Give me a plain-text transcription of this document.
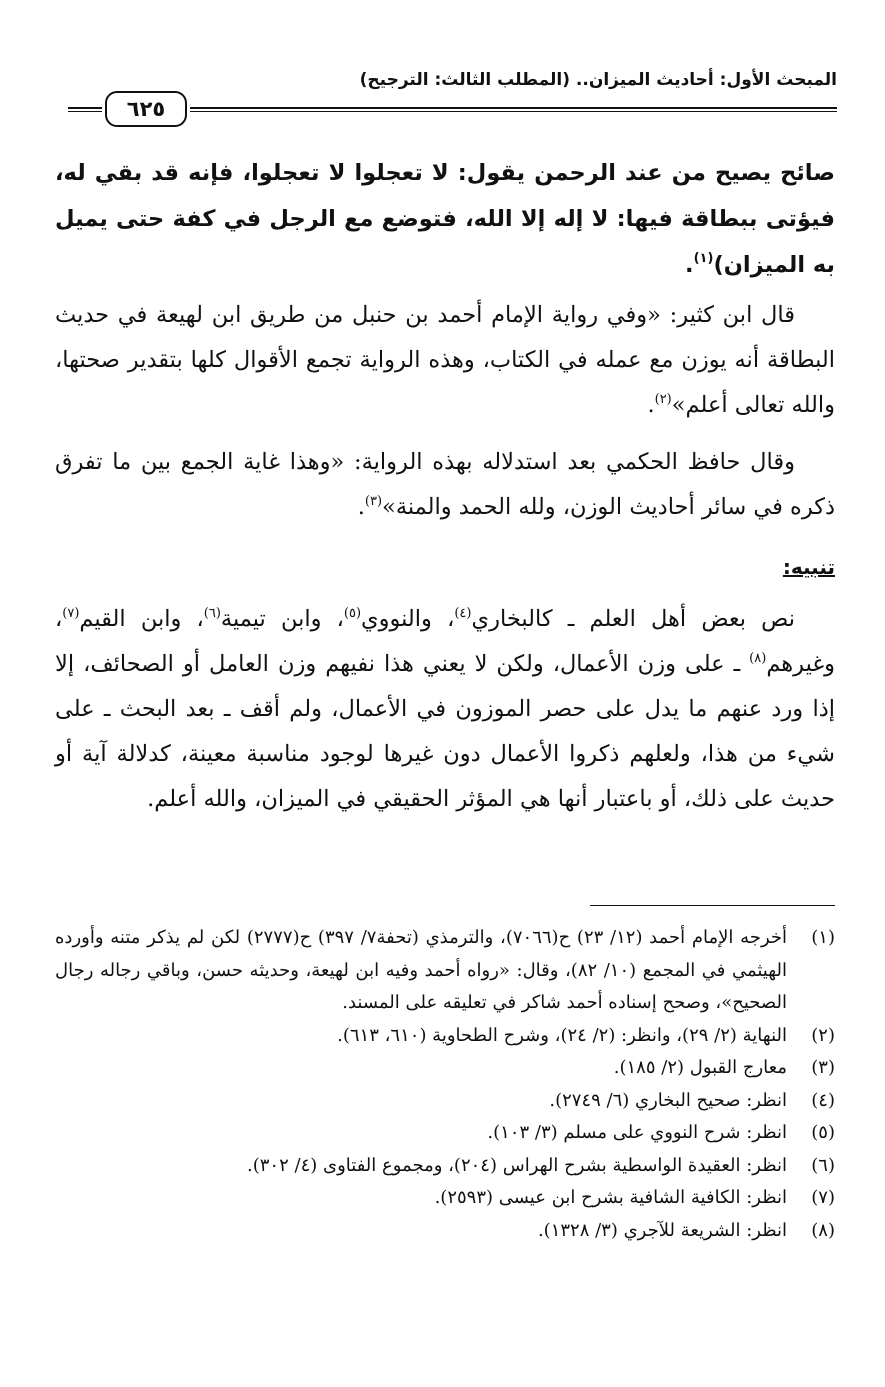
المبحث الأول: أحاديث الميزان.. (المطلب الثالث: الترجيح)
٦٢٥
صائح يصيح من عند الرحمن يقول: لا تعجلوا لا تعجلوا، فإنه قد بقي له، فيؤتى ببطاقة فيها: لا إله إلا الله، فتوضع مع الرجل في كفة حتى يميل به الميزان)$^{(١)}$.
قال ابن كثير: «وفي رواية الإمام أحمد بن حنبل من طريق ابن لهيعة في حديث البطاقة أنه يوزن مع عمله في الكتاب، وهذه الرواية تجمع الأقوال كلها بتقدير صحتها، والله تعالى أعلم»$^{(٢)}$.
وقال حافظ الحكمي بعد استدلاله بهذه الرواية: «وهذا غاية الجمع بين ما تفرق ذكره في سائر أحاديث الوزن، ولله الحمد والمنة»$^{(٣)}$.
تنبيه:
نص بعض أهل العلم ـ كالبخاري$^{(٤)}$، والنووي$^{(٥)}$، وابن تيمية$^{(٦)}$، وابن القيم$^{(٧)}$، وغيرهم$^{(٨)}$ ـ على وزن الأعمال، ولكن لا يعني هذا نفيهم وزن العامل أو الصحائف، إلا إذا ورد عنهم ما يدل على حصر الموزون في الأعمال، ولم أقف ـ بعد البحث ـ على شيء من هذا، ولعلهم ذكروا الأعمال دون غيرها لوجود مناسبة معينة، كدلالة آية أو حديث على ذلك، أو باعتبار أنها هي المؤثر الحقيقي في الميزان، والله أعلم.
(١)
أخرجه الإمام أحمد (١٢/ ٢٣) ح(٧٠٦٦)، والترمذي (تحفة٧/ ٣٩٧) ح(٢٧٧٧) لكن لم يذكر متنه وأورده الهيثمي في المجمع (١٠/ ٨٢)، وقال: «رواه أحمد وفيه ابن لهيعة، وحديثه حسن، وباقي رجاله رجال الصحيح»، وصحح إسناده أحمد شاكر في تعليقه على المسند.
(٢)
النهاية (٢/ ٢٩)، وانظر: (٢/ ٢٤)، وشرح الطحاوية (٦١٠، ٦١٣).
(٣)
معارج القبول (٢/ ١٨٥).
(٤)
انظر: صحيح البخاري (٦/ ٢٧٤٩).
(٥)
انظر: شرح النووي على مسلم (٣/ ١٠٣).
(٦)
انظر: العقيدة الواسطية بشرح الهراس (٢٠٤)، ومجموع الفتاوى (٤/ ٣٠٢).
(٧)
انظر: الكافية الشافية بشرح ابن عيسى (٢٥٩٣).
(٨)
انظر: الشريعة للآجري (٣/ ١٣٢٨).
